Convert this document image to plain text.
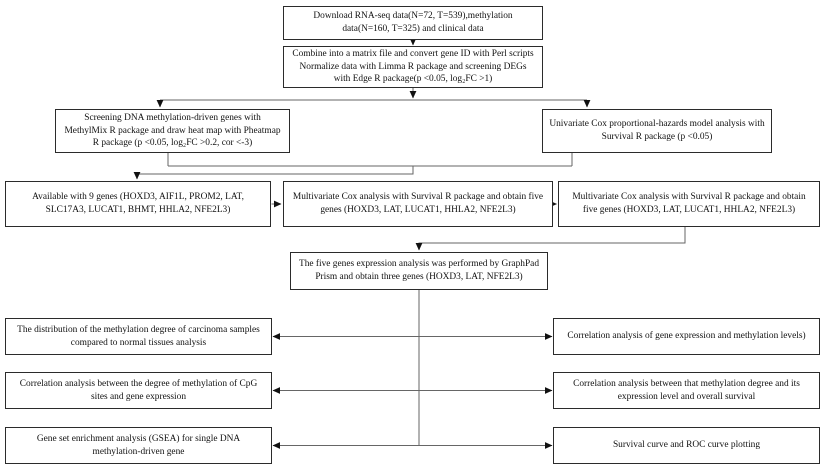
Download RNA-seq data(N=72, T=539),methylation data(N=160, T=325) and clinical data
Combine into a matrix file and convert gene ID with Perl scripts Normalize data with Limma R package and screening DEGs with Edge R package(p <0.05, log₂FC >1)
Screening DNA methylation-driven genes with MethylMix R package and draw heat map with Pheatmap R package (p <0.05, log₂FC >0.2, cor <-3)
Univariate Cox proportional-hazards model analysis with Survival R package (p <0.05)
Available with 9 genes (HOXD3, AIF1L, PROM2, LAT, SLC17A3, LUCAT1, BHMT, HHLA2, NFE2L3)
Multivariate Cox analysis with Survival R package and obtain five genes (HOXD3, LAT, LUCAT1, HHLA2, NFE2L3)
Multivariate Cox analysis with Survival R package and obtain five genes (HOXD3, LAT, LUCAT1, HHLA2, NFE2L3)
The five genes expression analysis was performed by GraphPad Prism and obtain three genes (HOXD3, LAT, NFE2L3)
The distribution of the methylation degree of carcinoma samples compared to normal tissues analysis
Correlation analysis between the degree of methylation of CpG sites and gene expression
Gene set enrichment analysis (GSEA) for single DNA methylation-driven gene
Correlation analysis of gene expression and methylation levels)
Correlation analysis between that methylation degree and its expression level and overall survival
Survival curve and ROC curve plotting
